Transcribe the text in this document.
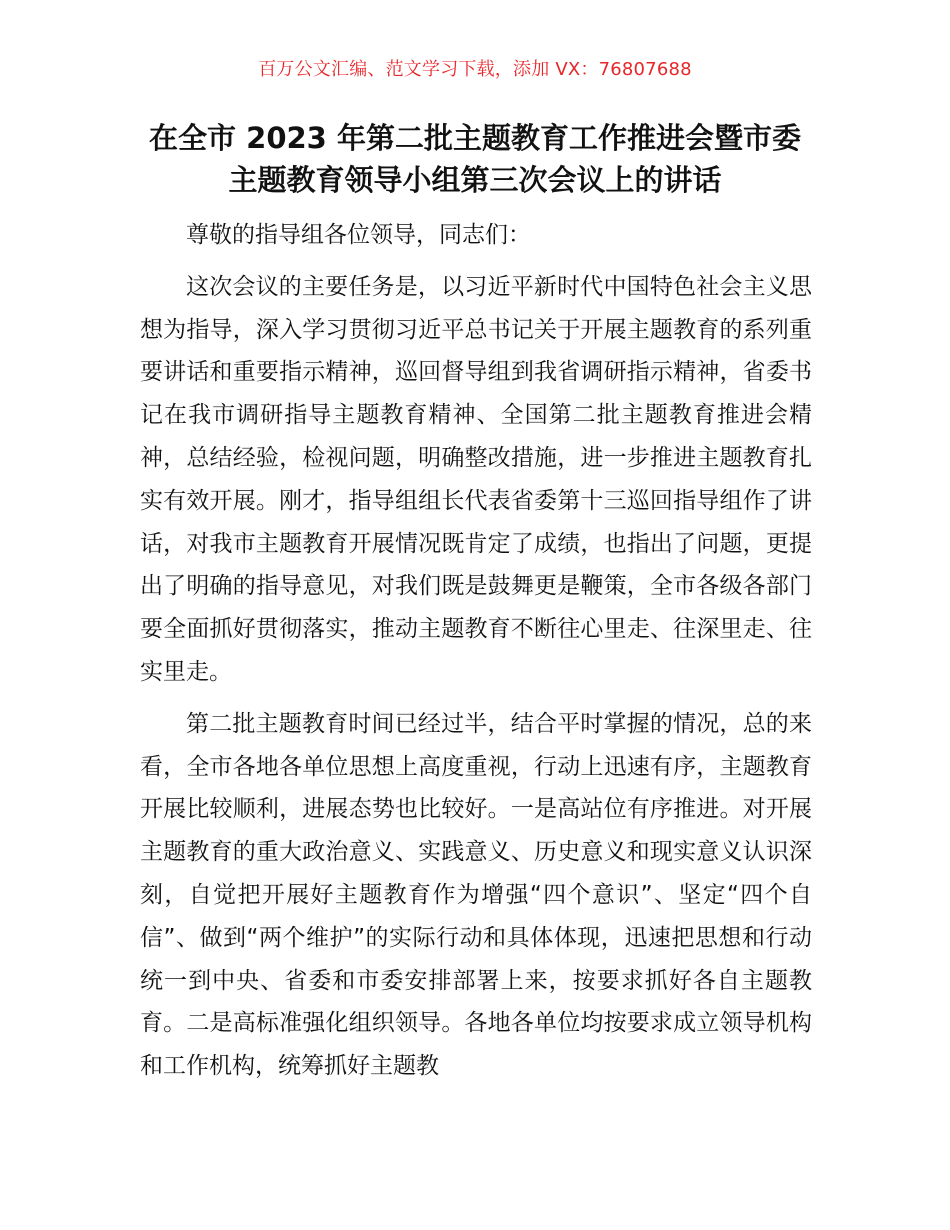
百万公文汇编、范文学习下载，添加 VX：76807688
在全市 2023 年第二批主题教育工作推进会暨市委主题教育领导小组第三次会议上的讲话

尊敬的指导组各位领导，同志们：

这次会议的主要任务是，以习近平新时代中国特色社会主义思想为指导，深入学习贯彻习近平总书记关于开展主题教育的系列重要讲话和重要指示精神，巡回督导组到我省调研指示精神，省委书记在我市调研指导主题教育精神、全国第二批主题教育推进会精神，总结经验，检视问题，明确整改措施，进一步推进主题教育扎实有效开展。刚才，指导组组长代表省委第十三巡回指导组作了讲话，对我市主题教育开展情况既肯定了成绩，也指出了问题，更提出了明确的指导意见，对我们既是鼓舞更是鞭策，全市各级各部门要全面抓好贯彻落实，推动主题教育不断往心里走、往深里走、往实里走。

第二批主题教育时间已经过半，结合平时掌握的情况，总的来看，全市各地各单位思想上高度重视，行动上迅速有序，主题教育开展比较顺利，进展态势也比较好。一是高站位有序推进。对开展主题教育的重大政治意义、实践意义、历史意义和现实意义认识深刻，自觉把开展好主题教育作为增强“四个意识”、坚定“四个自信”、做到“两个维护”的实际行动和具体体现，迅速把思想和行动统一到中央、省委和市委安排部署上来，按要求抓好各自主题教育。二是高标准强化组织领导。各地各单位均按要求成立领导机构和工作机构，统筹抓好主题教
